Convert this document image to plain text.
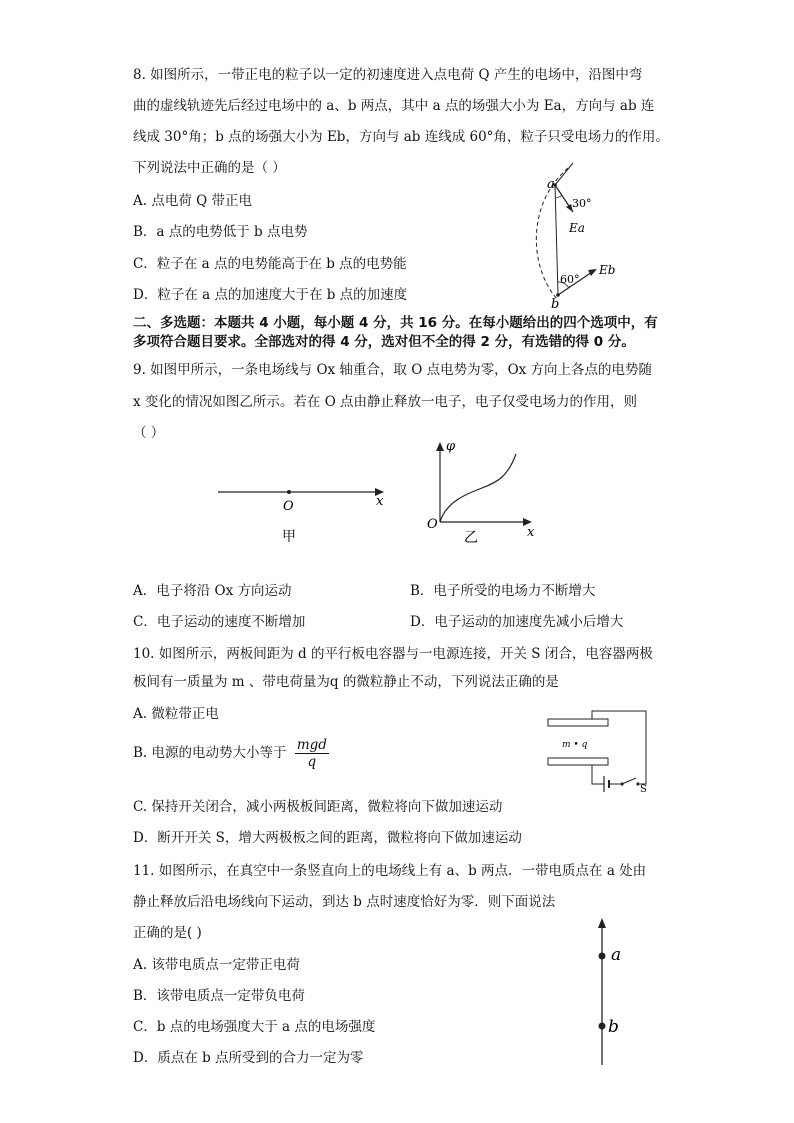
8. 如图所示，一带正电的粒子以一定的初速度进入点电荷 Q 产生的电场中，沿图中弯
曲的虚线轨迹先后经过电场中的 a、b 两点，其中 a 点的场强大小为 Ea，方向与 ab 连
线成 30°角；b 点的场强大小为 Eb，方向与 ab 连线成 60°角，粒子只受电场力的作用。
下列说法中正确的是（ ）
A. 点电荷 Q 带正电
B．a 点的电势低于 b 点电势
C．粒子在 a 点的电势能高于在 b 点的电势能
D．粒子在 a 点的加速度大于在 b 点的加速度
a
b
30°
60°
Ea
Eb
二、多选题：本题共 4 小题，每小题 4 分，共 16 分。在每小题给出的四个选项中，有
多项符合题目要求。全部选对的得 4 分，选对但不全的得 2 分，有选错的得 0 分。
9. 如图甲所示，一条电场线与 Ox 轴重合，取 O 点电势为零，Ox 方向上各点的电势随
x 变化的情况如图乙所示。若在 O 点由静止释放一电子，电子仅受电场力的作用，则
（ ）
O	x
甲
φ
O
x
乙
A．电子将沿 Ox 方向运动	B．电子所受的电场力不断增大
C．电子运动的速度不断增加	D．电子运动的加速度先减小后增大
10. 如图所示，两板间距为 d 的平行板电容器与一电源连接，开关 S 闭合，电容器两极
板间有一质量为 m 、带电荷量为q 的微粒静止不动，下列说法正确的是
A. 微粒带正电
B. 电源的电动势大小等于 $\frac{\text{mgd}}{q}$
C. 保持开关闭合，减小两极板间距离，微粒将向下做加速运动
D．断开开关 S，增大两极板之间的距离，微粒将向下做加速运动
m • q
S
11. 如图所示，在真空中一条竖直向上的电场线上有 a、b 两点．一带电质点在 a 处由
静止释放后沿电场线向下运动，到达 b 点时速度恰好为零．则下面说法
正确的是( )
A. 该带电质点一定带正电荷
B．该带电质点一定带负电荷
C．b 点的电场强度大于 a 点的电场强度
D．质点在 b 点所受到的合力一定为零
a
b
